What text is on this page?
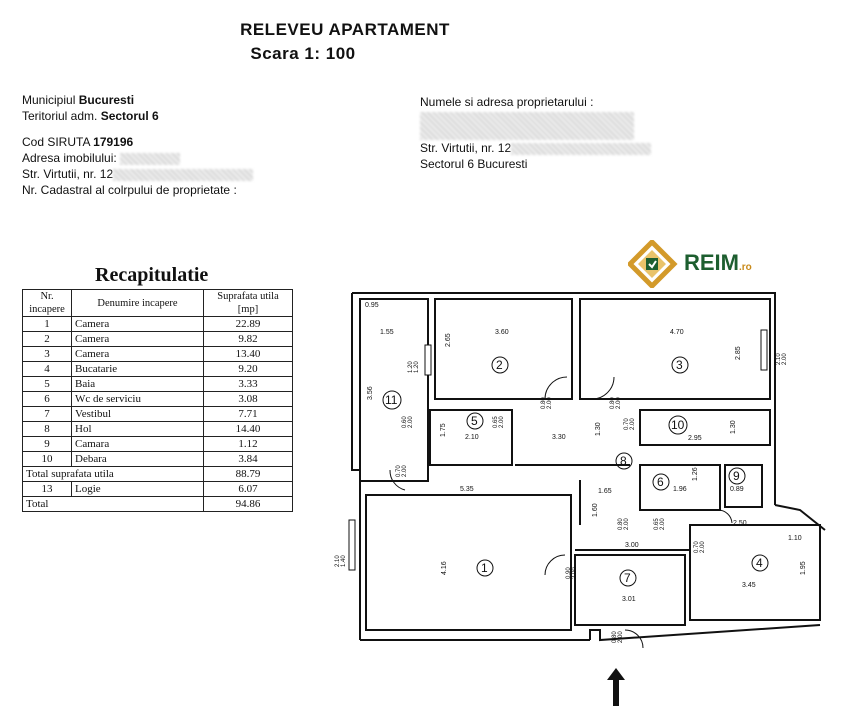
RELEVEU APARTAMENT
Scara 1: 100
Municipiul Bucuresti
Teritoriul adm. Sectorul 6
Cod SIRUTA 179196
Adresa imobilului:
Str. Virtutii, nr. 12
Nr. Cadastral al colrpului de proprietate :
Numele si adresa proprietarului :
Str. Virtutii, nr. 12
Sectorul 6 Bucuresti
REIM.ro
Recapitulatie
Nr. incapere	Denumire incapere	Suprafata utila [mp]
1	Camera	22.89
2	Camera	9.82
3	Camera	13.40
4	Bucatarie	9.20
5	Baia	3.33
6	Wc de serviciu	3.08
7	Vestibul	7.71
8	Hol	14.40
9	Camara	1.12
10	Debara	3.84
Total suprafata utila		88.79
13	Logie	6.07
Total		94.86
1
2	3
4
5
6
7
8
9
10
11
0.95
1.55	3.60	4.70
2.65
2.85
3.56
2.10	3.30	2.95
1.30	1.30
1.75
5.35	1.65	1.96	0.89
1.26
2.50
3.00
4.16
3.45
3.01
1.95
1.60
1.10
0.80 2.00	0.80 2.00
0.60 2.00	0.65 2.00	0.70 2.00
0.70 2.00
0.80 2.00	0.65 2.00
0.70 2.00
0.90 2.00
0.80 2.00
1.20 1.20
2.10 1.40
2.10 2.00
